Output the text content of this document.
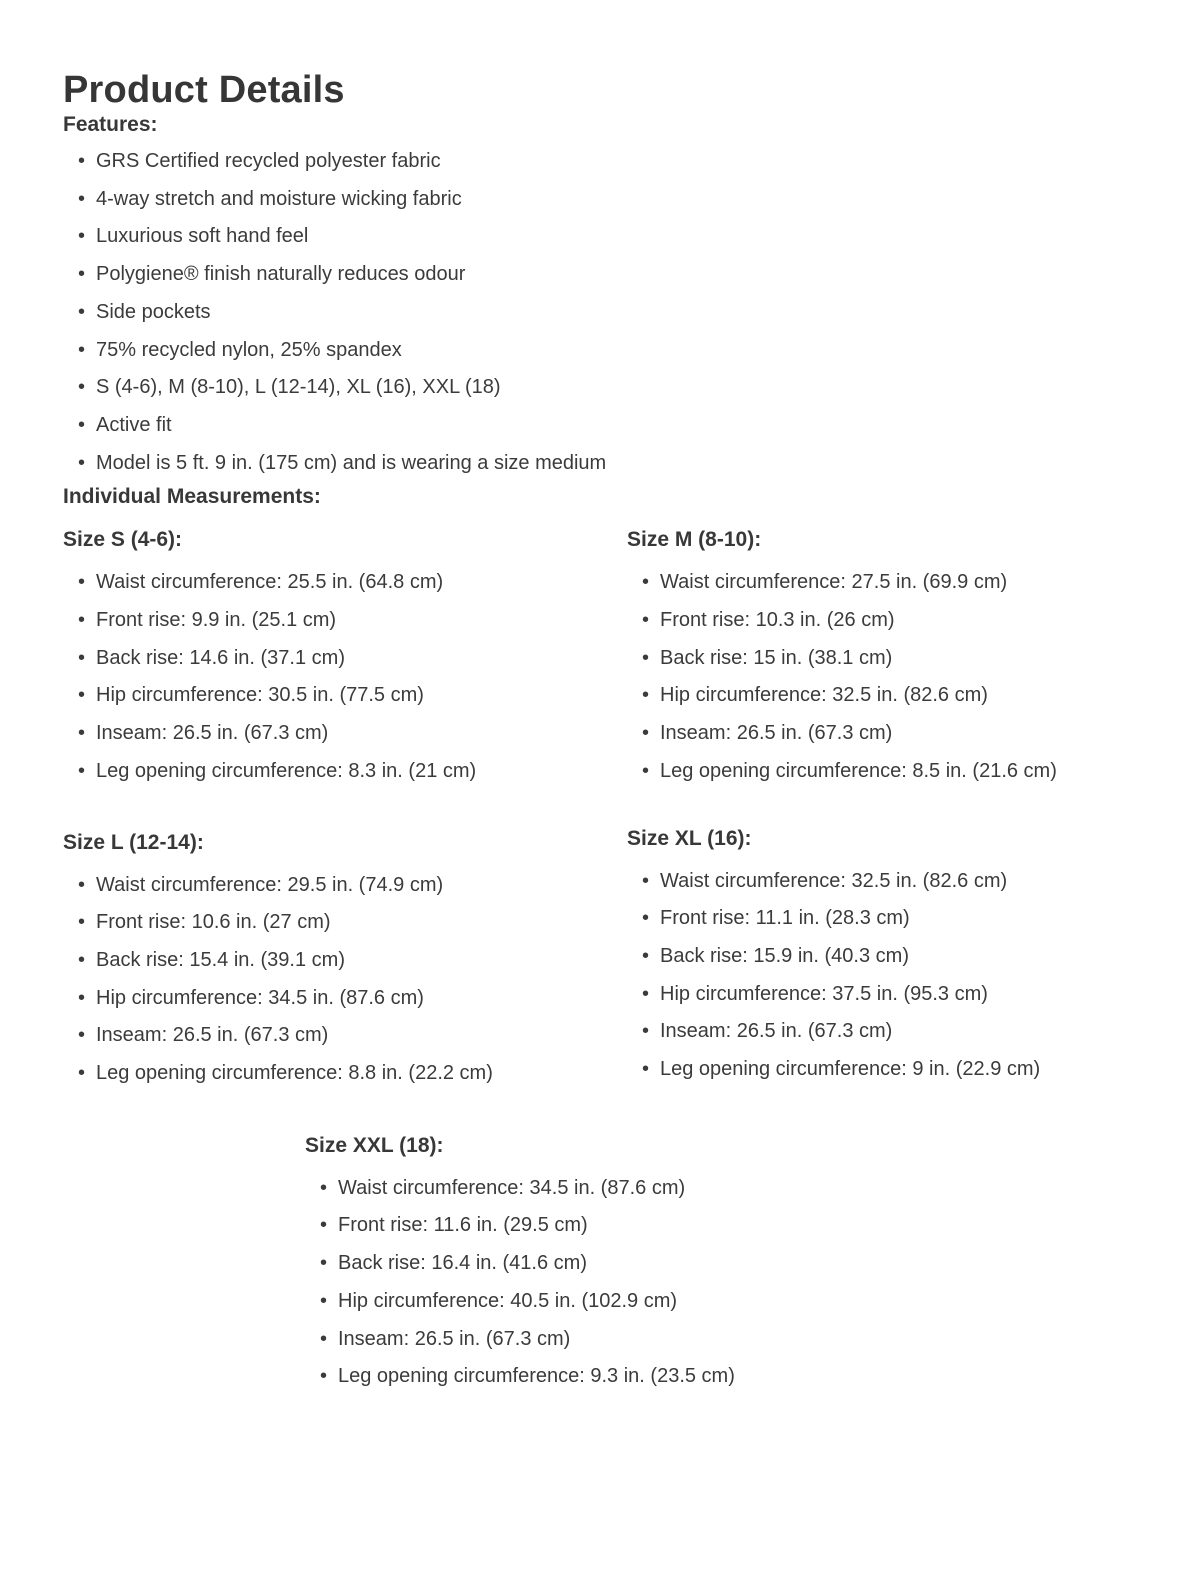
Product Details
Features:
• GRS Certified recycled polyester fabric
• 4-way stretch and moisture wicking fabric
• Luxurious soft hand feel
• Polygiene® finish naturally reduces odour
• Side pockets
• 75% recycled nylon, 25% spandex
• S (4-6), M (8-10), L (12-14), XL (16), XXL (18)
• Active fit
• Model is 5 ft. 9 in. (175 cm) and is wearing a size medium
Individual Measurements:
Size S (4-6):
• Waist circumference: 25.5 in. (64.8 cm)
• Front rise: 9.9 in. (25.1 cm)
• Back rise: 14.6 in. (37.1 cm)
• Hip circumference: 30.5 in. (77.5 cm)
• Inseam: 26.5 in. (67.3 cm)
• Leg opening circumference: 8.3 in. (21 cm)
Size M (8-10):
• Waist circumference: 27.5 in. (69.9 cm)
• Front rise: 10.3 in. (26 cm)
• Back rise: 15 in. (38.1 cm)
• Hip circumference: 32.5 in. (82.6 cm)
• Inseam: 26.5 in. (67.3 cm)
• Leg opening circumference: 8.5 in. (21.6 cm)
Size L (12-14):
• Waist circumference: 29.5 in. (74.9 cm)
• Front rise: 10.6 in. (27 cm)
• Back rise: 15.4 in. (39.1 cm)
• Hip circumference: 34.5 in. (87.6 cm)
• Inseam: 26.5 in. (67.3 cm)
• Leg opening circumference: 8.8 in. (22.2 cm)
Size XL (16):
• Waist circumference: 32.5 in. (82.6 cm)
• Front rise: 11.1 in. (28.3 cm)
• Back rise: 15.9 in. (40.3 cm)
• Hip circumference: 37.5 in. (95.3 cm)
• Inseam: 26.5 in. (67.3 cm)
• Leg opening circumference: 9 in. (22.9 cm)
Size XXL (18):
• Waist circumference: 34.5 in. (87.6 cm)
• Front rise: 11.6 in. (29.5 cm)
• Back rise: 16.4 in. (41.6 cm)
• Hip circumference: 40.5 in. (102.9 cm)
• Inseam: 26.5 in. (67.3 cm)
• Leg opening circumference: 9.3 in. (23.5 cm)
